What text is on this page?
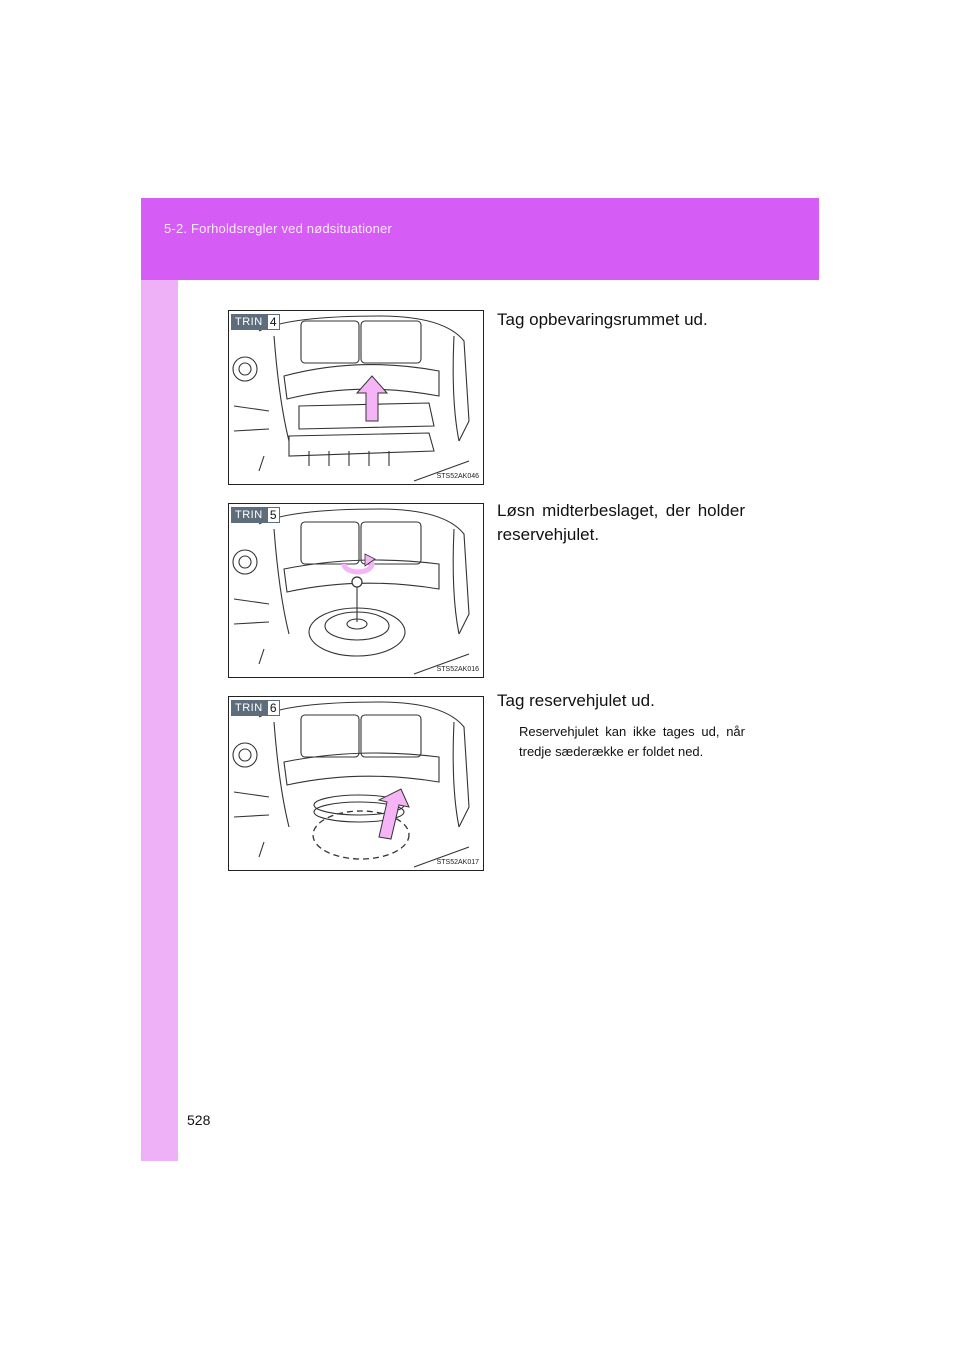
5-2. Forholdsregler ved nødsituationer
TRIN 4
STS52AK046
Tag opbevaringsrummet ud.
TRIN 5
STS52AK016
Løsn midterbeslaget, der holder reservehjulet.
TRIN 6
STS52AK017
Tag reservehjulet ud.
Reservehjulet kan ikke tages ud, når tredje sæderække er foldet ned.
528
